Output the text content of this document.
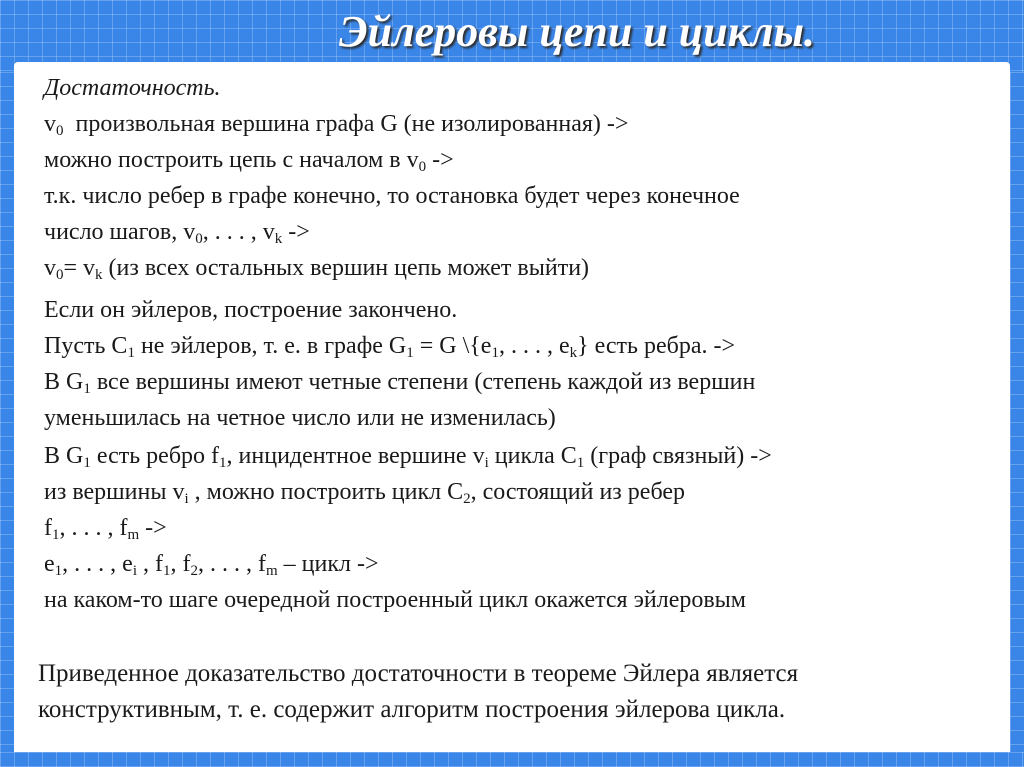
Эйлеровы цепи и циклы.
Достаточность.
$v_0$  произвольная вершина графа G (не изолированная) ->
можно построить цепь с началом в $v_0$ ->
т.к. число ребер в графе конечно, то остановка будет через конечное
число шагов, $v_0$, . . . , $v_k$ ->
$v_0= v_k$ (из всех остальных вершин цепь может выйти)
Если он эйлеров, построение закончено.
Пусть $C_1$ не эйлеров, т. е. в графе $G_1 = G$ $\backslash\{e_1$, . . . , $e_k$} есть ребра. ->
В $G_1$ все вершины имеют четные степени (степень каждой из вершин
уменьшилась на четное число или не изменилась)
В $G_1$ есть ребро $f_1$, инцидентное вершине $v_i$ цикла $C_1$ (граф связный) ->
из вершины $v_i$ , можно построить цикл $C_2$, состоящий из ребер
$f_1$, . . . , $f_m$ ->
$e_1$, . . . , $e_i$ , $f_1$, $f_2$, . . . , $f_m$ – цикл ->
на каком-то шаге очередной построенный цикл окажется эйлеровым
Приведенное доказательство достаточности в теореме Эйлера является
конструктивным, т. е. содержит алгоритм построения эйлерова цикла.
